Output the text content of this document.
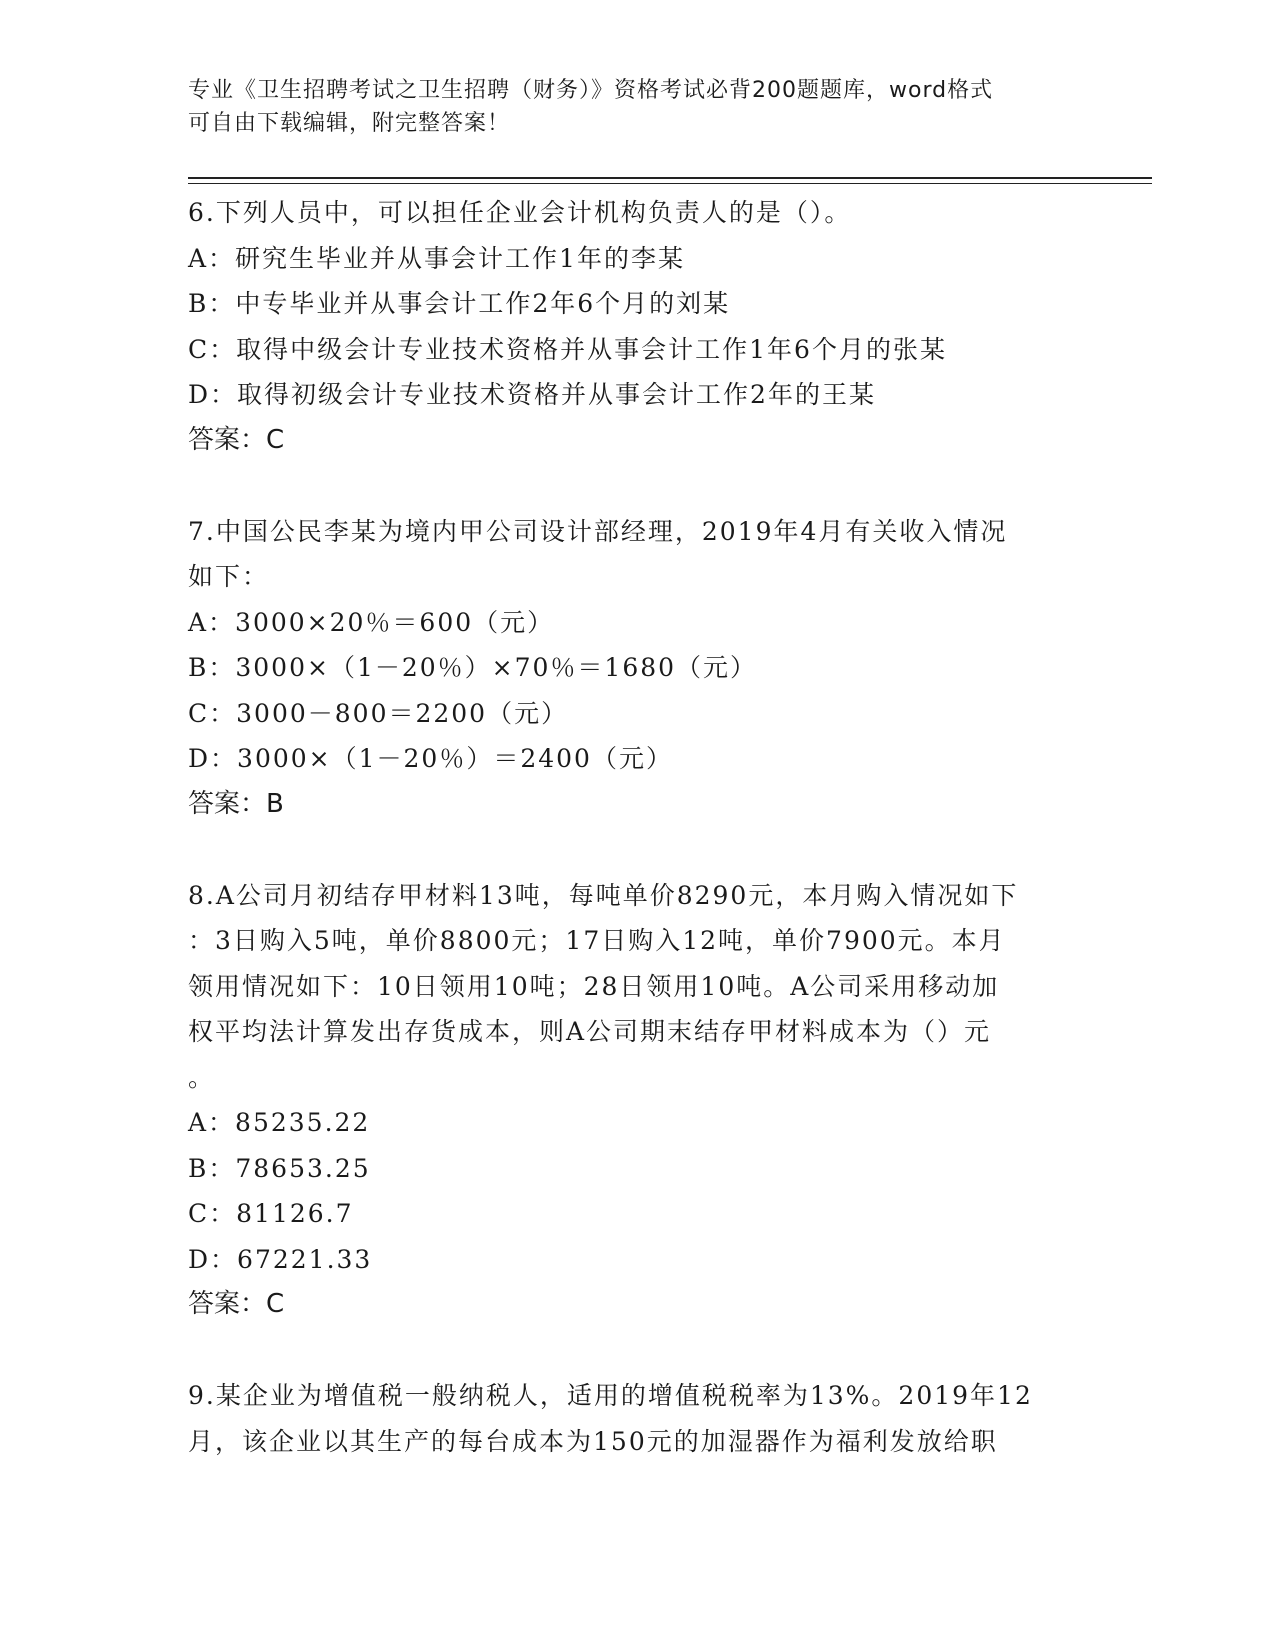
专业《卫生招聘考试之卫生招聘（财务）》资格考试必背200题题库，word格式

可自由下载编辑，附完整答案！

6.下列人员中，可以担任企业会计机构负责人的是（）。

A：研究生毕业并从事会计工作1年的李某

B：中专毕业并从事会计工作2年6个月的刘某

C：取得中级会计专业技术资格并从事会计工作1年6个月的张某

D：取得初级会计专业技术资格并从事会计工作2年的王某

答案：C

7.中国公民李某为境内甲公司设计部经理，2019年4月有关收入情况

如下：

A：3000×20％＝600（元）

B：3000×（1－20％）×70％＝1680（元）

C：3000－800＝2200（元）

D：3000×（1－20％）＝2400（元）

答案：B

8.A公司月初结存甲材料13吨，每吨单价8290元，本月购入情况如下

：3日购入5吨，单价8800元；17日购入12吨，单价7900元。本月

领用情况如下：10日领用10吨；28日领用10吨。A公司采用移动加

权平均法计算发出存货成本，则A公司期末结存甲材料成本为（）元

。

A：85235.22

B：78653.25

C：81126.7

D：67221.33

答案：C

9.某企业为增值税一般纳税人，适用的增值税税率为13%。2019年12

月，该企业以其生产的每台成本为150元的加湿器作为福利发放给职
